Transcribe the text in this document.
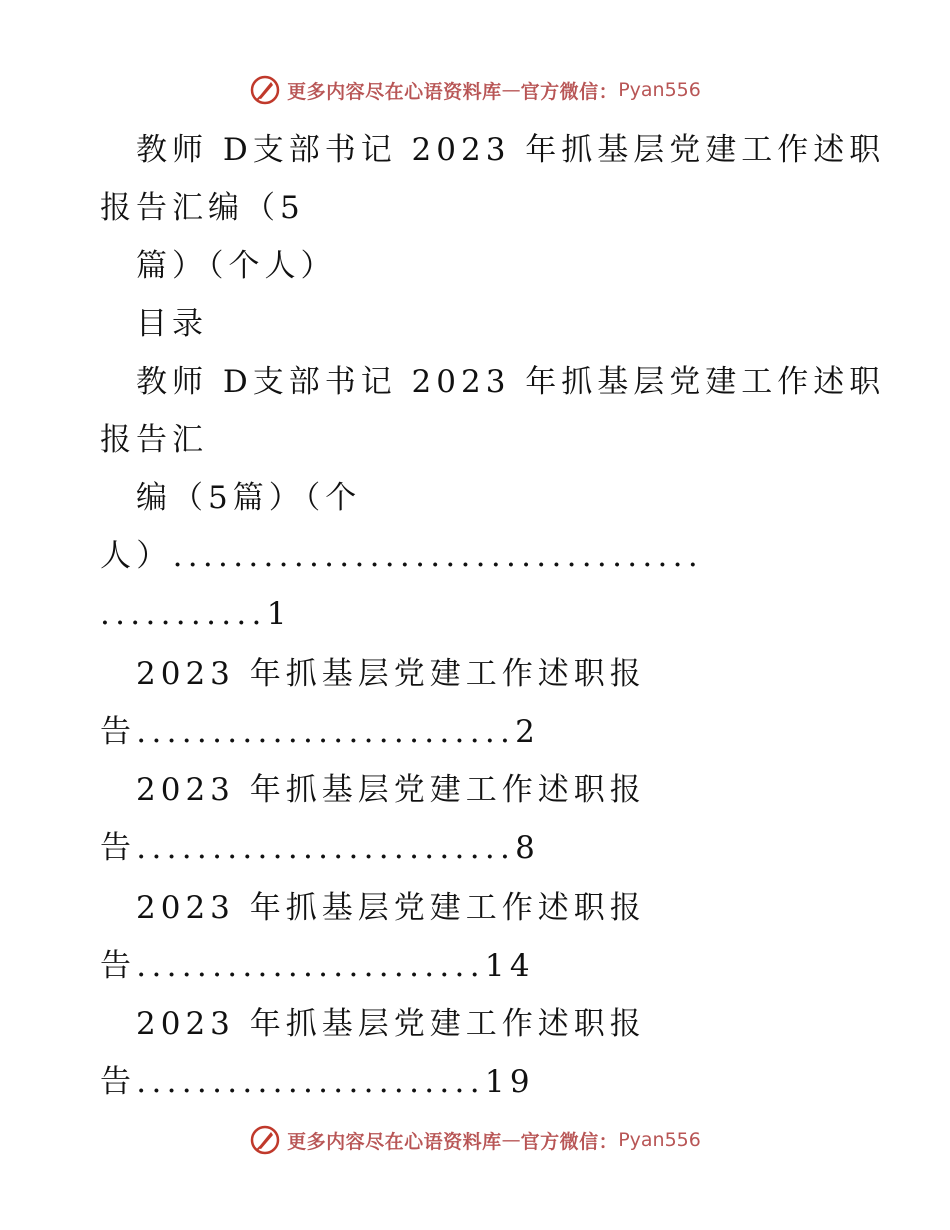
更多内容尽在心语资料库 — 官方微信： Pyan556
教师 D支部书记 2023 年抓基层党建工作述职
报告汇编（5
篇）（个人）
目录
教师 D支部书记 2023 年抓基层党建工作述职
报告汇
编（5篇）（个
人）...................................
...........1
2023 年抓基层党建工作述职报
告.........................2
2023 年抓基层党建工作述职报
告.........................8
2023 年抓基层党建工作述职报
告.......................14
2023 年抓基层党建工作述职报
告.......................19
更多内容尽在心语资料库 — 官方微信： Pyan556
